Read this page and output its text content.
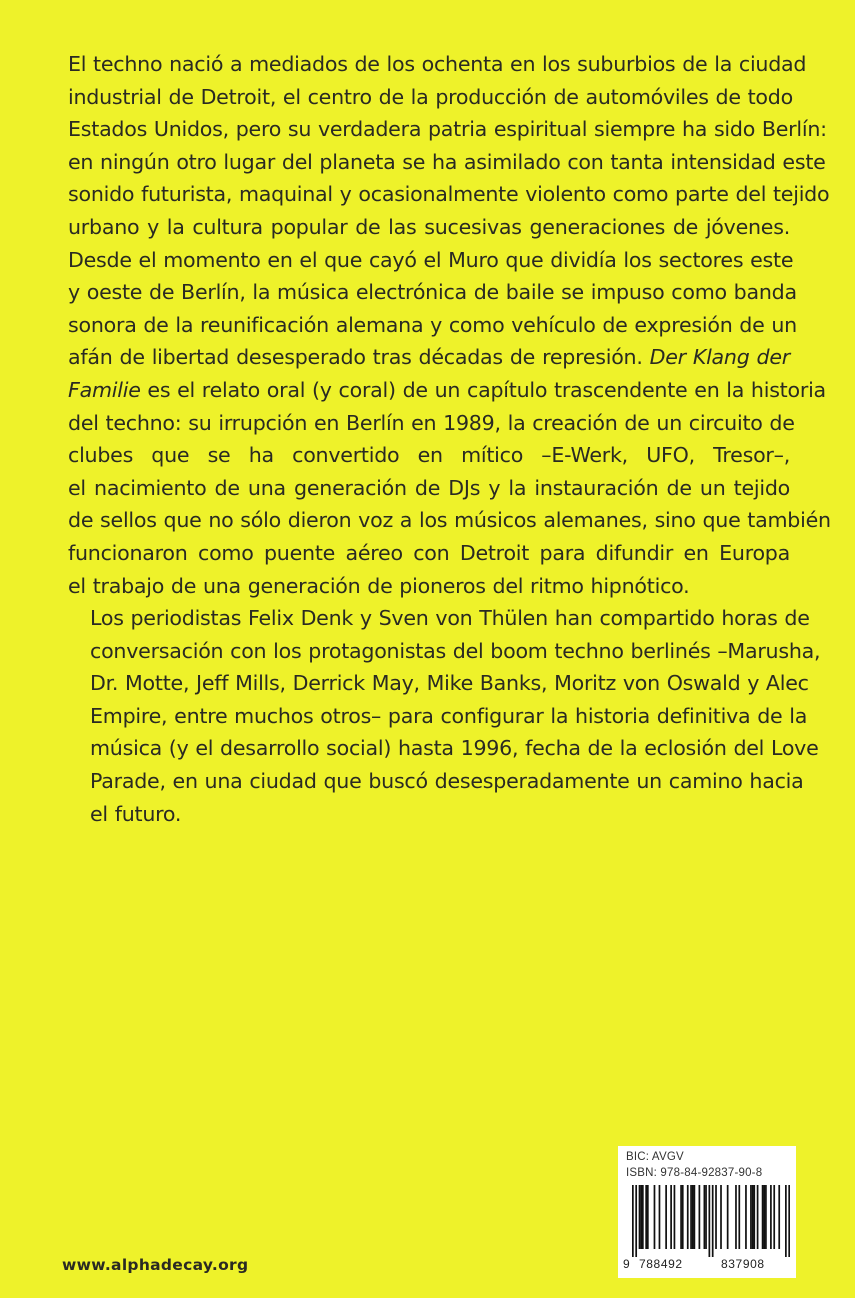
El techno nació a mediados de los ochenta en los suburbios de la ciudad
industrial de Detroit, el centro de la producción de automóviles de todo
Estados Unidos, pero su verdadera patria espiritual siempre ha sido Berlín:
en ningún otro lugar del planeta se ha asimilado con tanta intensidad este
sonido futurista, maquinal y ocasionalmente violento como parte del tejido
urbano y la cultura popular de las sucesivas generaciones de jóvenes.
Desde el momento en el que cayó el Muro que dividía los sectores este
y oeste de Berlín, la música electrónica de baile se impuso como banda
sonora de la reunificación alemana y como vehículo de expresión de un
afán de libertad desesperado tras décadas de represión. Der Klang der
Familie es el relato oral (y coral) de un capítulo trascendente en la historia
del techno: su irrupción en Berlín en 1989, la creación de un circuito de
clubes que se ha convertido en mítico –E-Werk, UFO, Tresor–,
el nacimiento de una generación de DJs y la instauración de un tejido
de sellos que no sólo dieron voz a los músicos alemanes, sino que también
funcionaron como puente aéreo con Detroit para difundir en Europa
el trabajo de una generación de pioneros del ritmo hipnótico.

Los periodistas Felix Denk y Sven von Thülen han compartido horas de
conversación con los protagonistas del boom techno berlinés –Marusha,
Dr. Motte, Jeff Mills, Derrick May, Mike Banks, Moritz von Oswald y Alec
Empire, entre muchos otros– para configurar la historia definitiva de la
música (y el desarrollo social) hasta 1996, fecha de la eclosión del Love
Parade, en una ciudad que buscó desesperadamente un camino hacia
el futuro.

www.alphadecay.org
BIC: AVGV
ISBN: 978-84-92837-90-8
9 788492	837908
